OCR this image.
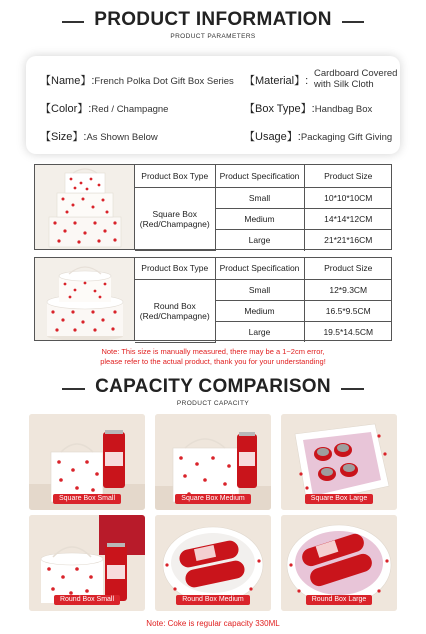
PRODUCT INFORMATION
PRODUCT PARAMETERS
【Name】:French Polka Dot Gift Box Series 【Material】:
Cardboard Covered
with Silk Cloth
【Color】:Red / Champagne	【Box Type】:Handbag Box
【Size】:As Shown Below	【Usage】:Packaging Gift Giving
Product Box Type	Product Specification	Product Size
Square Box
(Red/Champagne)	Small	10*10*10CM
	Medium	14*14*12CM
	Large	21*21*16CM
Product Box Type	Product Specification	Product Size
Round Box
(Red/Champagne)	Small	12*9.3CM
	Medium	16.5*9.5CM
	Large	19.5*14.5CM
Note: This size is manually measured, there may be a 1~2cm error,
please refer to the actual product, thank you for your understanding!
CAPACITY COMPARISON
PRODUCT CAPACITY
Square Box Small	Square Box Medium	Square Box Large
Round Box Small	Round Box Medium	Round Box Large
Note: Coke is regular capacity 330ML
